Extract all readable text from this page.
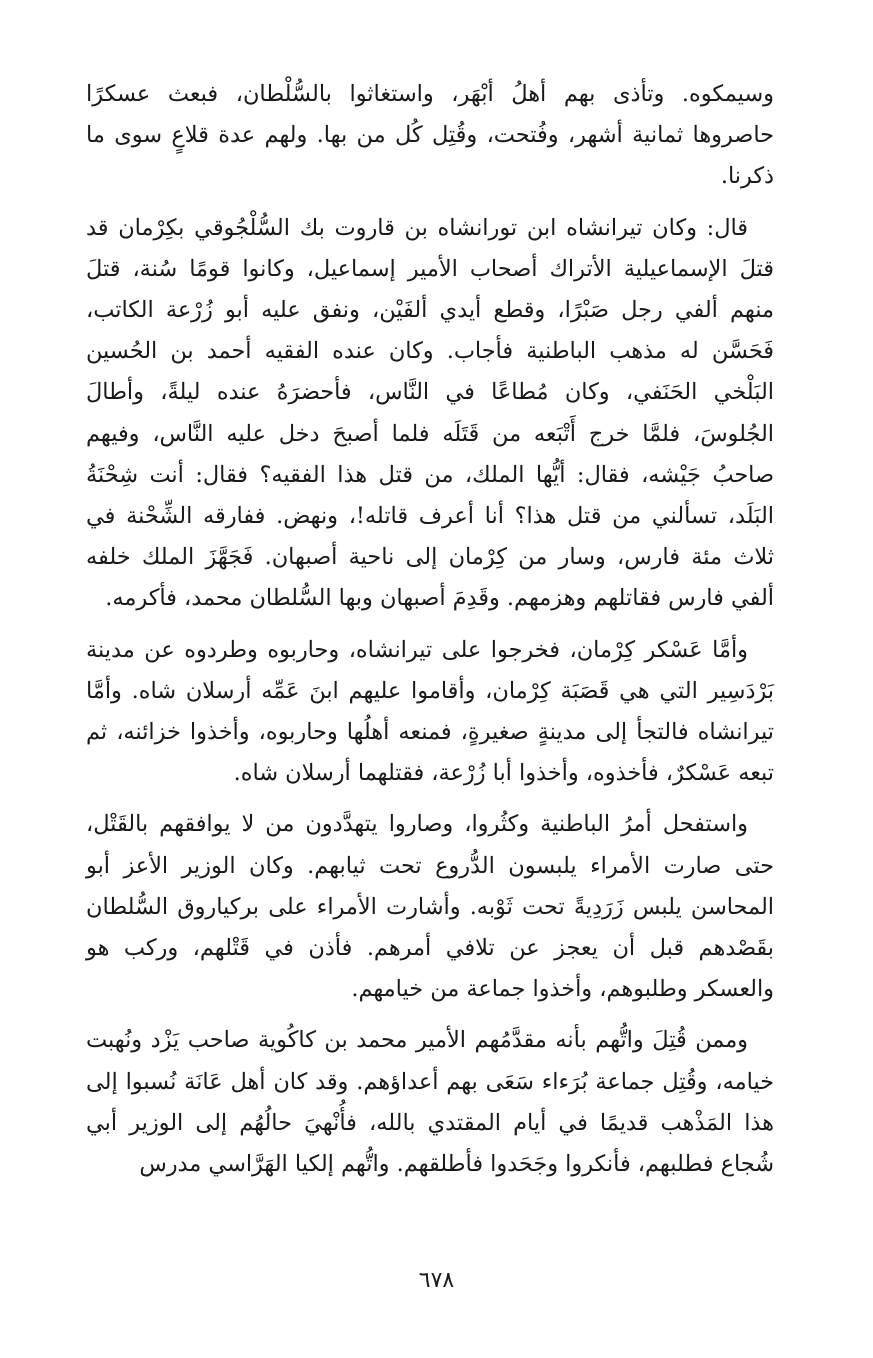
وسيمكوه. وتأذى بهم أهلُ أبْهَر، واستغاثوا بالسُّلْطان، فبعث عسكرًا حاصروها ثمانية أشهر، وفُتحت، وقُتِل كُل من بها. ولهم عدة قلاعٍ سوى ما ذكرنا.

قال: وكان تيرانشاه ابن تورانشاه بن قاروت بك السُّلْجُوقي بكِرْمان قد قتلَ الإسماعيلية الأتراك أصحاب الأمير إسماعيل، وكانوا قومًا سُنة، قتلَ منهم ألفي رجل صَبْرًا، وقطع أيدي ألفَيْن، ونفق عليه أبو زُرْعة الكاتب، فَحَسَّن له مذهب الباطنية فأجاب. وكان عنده الفقيه أحمد بن الحُسين البَلْخي الحَنَفي، وكان مُطاعًا في النَّاس، فأحضرَهُ عنده ليلةً، وأطالَ الجُلوسَ، فلمَّا خرج أَتْبَعه من قَتَلَه فلما أصبحَ دخل عليه النَّاس، وفيهم صاحبُ جَيْشه، فقال: أيُّها الملك، من قتل هذا الفقيه؟ فقال: أنت شِحْنَةُ البَلَد، تسألني من قتل هذا؟ أنا أعرف قاتله!، ونهض. ففارقه الشِّحْنة في ثلاث مئة فارس، وسار من كِرْمان إلى ناحية أصبهان. فَجَهَّزَ الملك خلفه ألفي فارس فقاتلهم وهزمهم. وقَدِمَ أصبهان وبها السُّلطان محمد، فأكرمه.

وأمَّا عَسْكر كِرْمان، فخرجوا على تيرانشاه، وحاربوه وطردوه عن مدينة بَرْدَسِير التي هي قَصَبَة كِرْمان، وأقاموا عليهم ابنَ عَمِّه أرسلان شاه. وأمَّا تيرانشاه فالتجأ إلى مدينةٍ صغيرةٍ، فمنعه أهلُها وحاربوه، وأخذوا خزائنه، ثم تبعه عَسْكرٌ، فأخذوه، وأخذوا أبا زُرْعة، فقتلهما أرسلان شاه.

واستفحل أمرُ الباطنية وكثُروا، وصاروا يتهدَّدون من لا يوافقهم بالقَتْل، حتى صارت الأمراء يلبسون الدُّروع تحت ثيابهم. وكان الوزير الأعز أبو المحاسن يلبس زَرَدِيةً تحت ثَوْبه. وأشارت الأمراء على بركياروق السُّلطان بقَصْدهم قبل أن يعجز عن تلافي أمرهم. فأذن في قَتْلهم، وركب هو والعسكر وطلبوهم، وأخذوا جماعة من خيامهم.

وممن قُتِلَ واتُّهم بأنه مقدَّمُهم الأمير محمد بن كاكُوية صاحب يَزْد ونُهبت خيامه، وقُتِل جماعة بُرَءاء سَعَى بهم أعداؤهم. وقد كان أهل عَانَة نُسبوا إلى هذا المَذْهب قديمًا في أيام المقتدي بالله، فأُنْهيَ حالُهُم إلى الوزير أبي شُجاع فطلبهم، فأنكروا وجَحَدوا فأطلقهم. واتُّهم إلكيا الهَرَّاسي مدرس

٦٧٨
